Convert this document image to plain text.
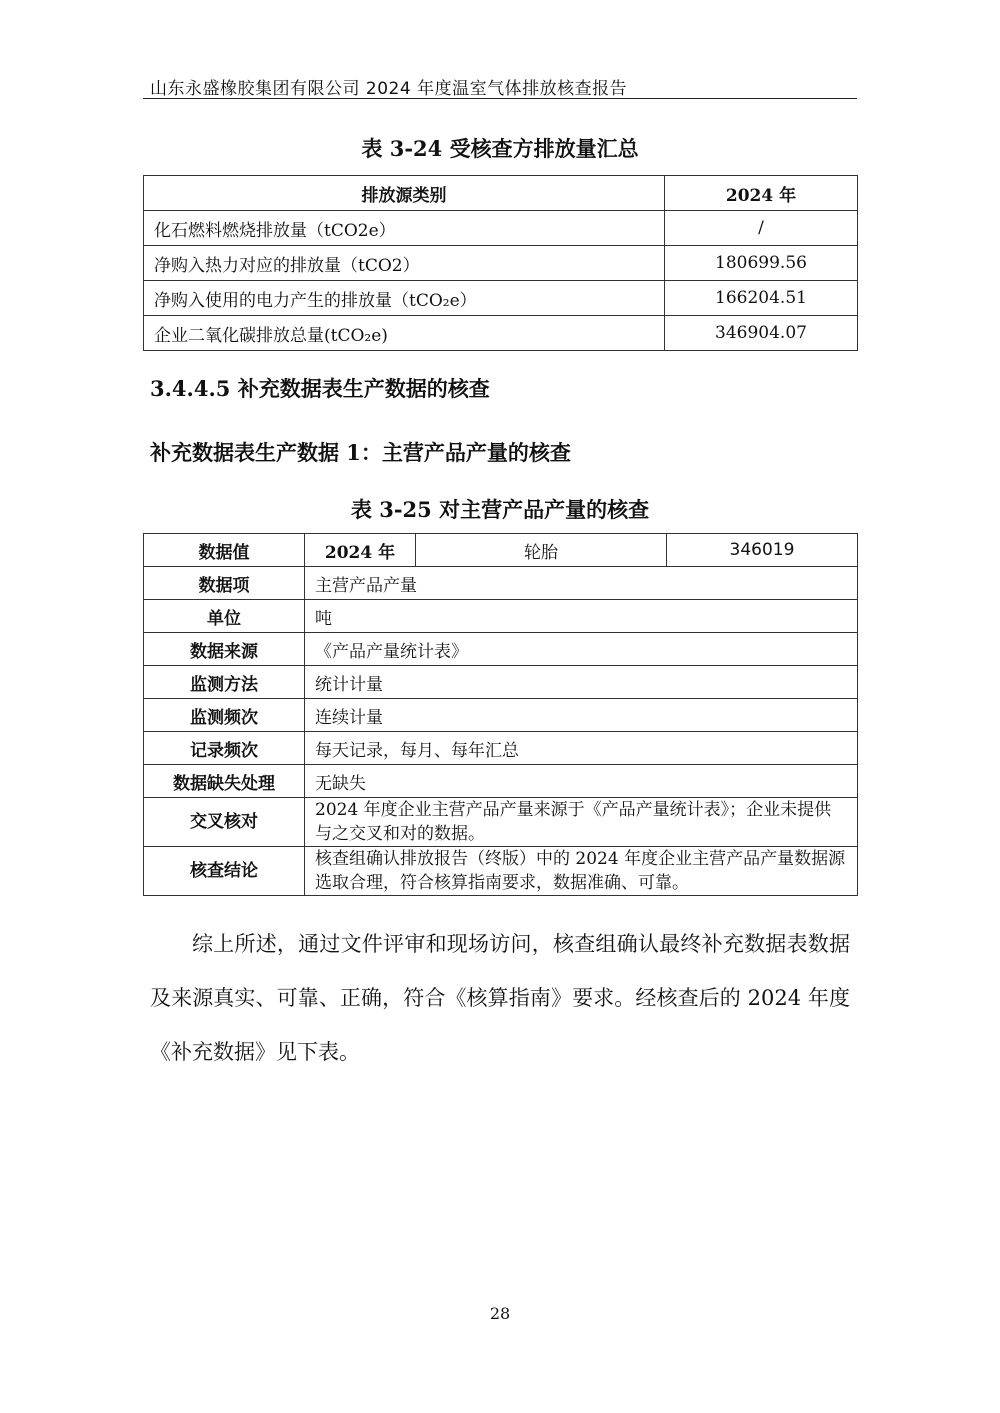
山东永盛橡胶集团有限公司 2024 年度温室气体排放核查报告
表 3-24 受核查方排放量汇总
排放源类别	2024 年
化石燃料燃烧排放量（tCO2e）	/
净购入热力对应的排放量（tCO2）	180699.56
净购入使用的电力产生的排放量（tCO₂e）	166204.51
企业二氧化碳排放总量(tCO₂e)	346904.07
3.4.4.5 补充数据表生产数据的核查
补充数据表生产数据 1：主营产品产量的核查
表 3-25 对主营产品产量的核查
数据值	2024 年	轮胎	346019
数据项	主营产品产量		
单位	吨		
数据来源	《产品产量统计表》		
监测方法	统计计量		
监测频次	连续计量		
记录频次	每天记录，每月、每年汇总		
数据缺失处理	无缺失		
交叉核对	2024 年度企业主营产品产量来源于《产品产量统计表》；企业未提供与之交叉和对的数据。		
核查结论	核查组确认排放报告（终版）中的 2024 年度企业主营产品产量数据源选取合理，符合核算指南要求，数据准确、可靠。		
综上所述，通过文件评审和现场访问，核查组确认最终补充数据表数据及来源真实、可靠、正确，符合《核算指南》要求。经核查后的 2024 年度《补充数据》见下表。
28
